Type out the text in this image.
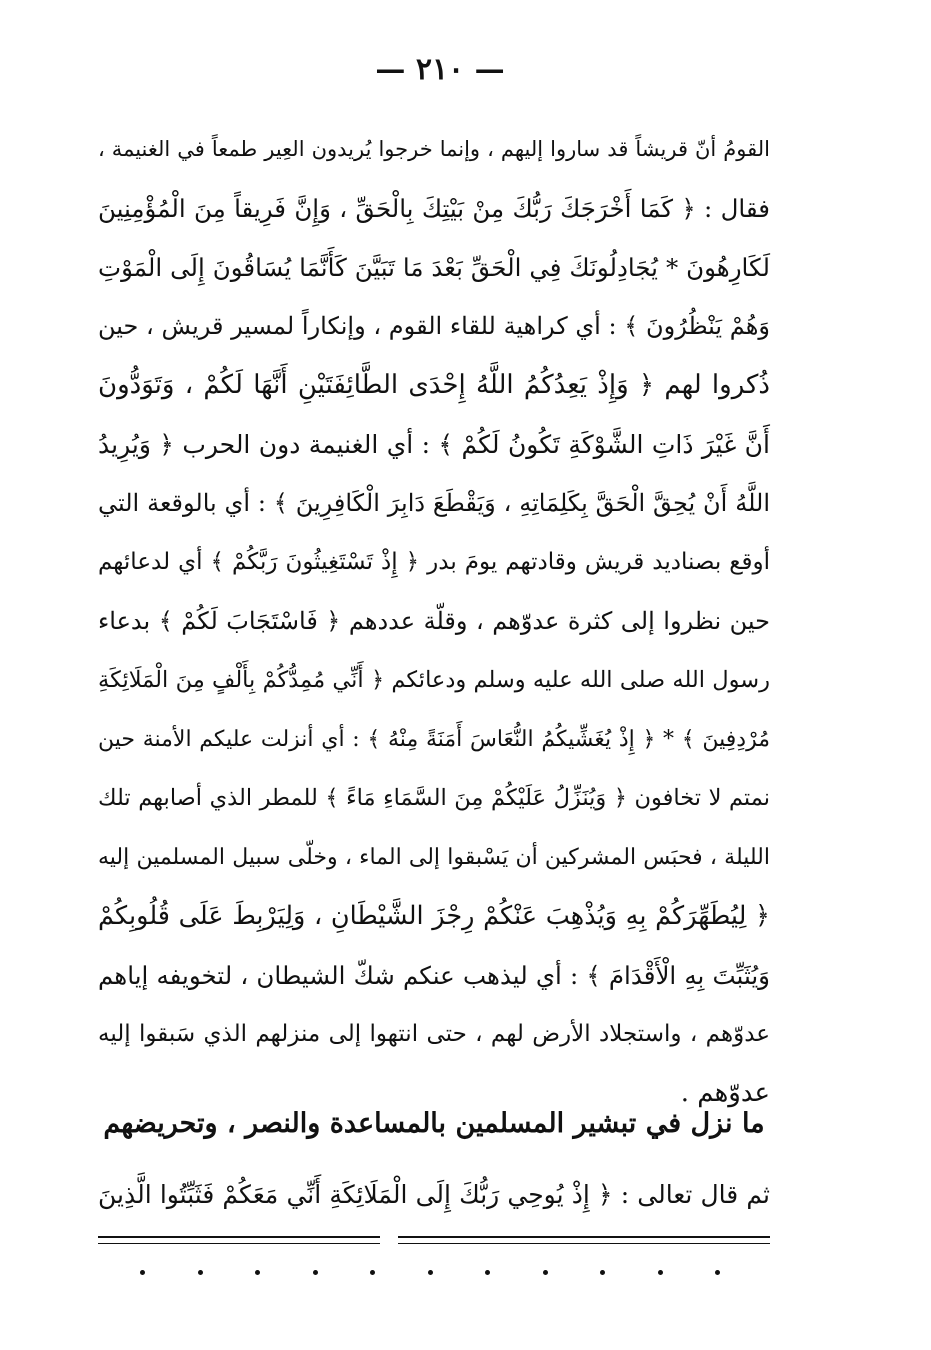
— ٢١٠ —
القومُ أنّ قريشاً قد ساروا إليهم ، وإنما خرجوا يُريدون العِير طمعاً في الغنيمة ،
فقال : ﴿ كَمَا أَخْرَجَكَ رَبُّكَ مِنْ بَيْتِكَ بِالْحَقِّ ، وَإِنَّ فَرِيقاً مِنَ الْمُؤْمِنِينَ
لَكَارِهُونَ * يُجَادِلُونَكَ فِي الْحَقِّ بَعْدَ مَا تَبَيَّنَ كَأَنَّمَا يُسَاقُونَ إِلَى الْمَوْتِ
وَهُمْ يَنْظُرُونَ ﴾ : أي كراهية للقاء القوم ، وإنكاراً لمسير قريش ، حين
ذُكروا لهم ﴿ وَإِذْ يَعِدُكُمُ اللَّهُ إِحْدَى الطَّائِفَتَيْنِ أَنَّهَا لَكُمْ ، وَتَوَدُّونَ
أَنَّ غَيْرَ ذَاتِ الشَّوْكَةِ تَكُونُ لَكُمْ ﴾ : أي الغنيمة دون الحرب ﴿ وَيُرِيدُ
اللَّهُ أَنْ يُحِقَّ الْحَقَّ بِكَلِمَاتِهِ ، وَيَقْطَعَ دَابِرَ الْكَافِرِينَ ﴾ : أي بالوقعة التي
أوقع بصناديد قريش وقادتهم يومَ بدر ﴿ إِذْ تَسْتَغِيثُونَ رَبَّكُمْ ﴾ أي لدعائهم
حين نظروا إلى كثرة عدوّهم ، وقلّة عددهم ﴿ فَاسْتَجَابَ لَكُمْ ﴾ بدعاء
رسول الله صلى الله عليه وسلم ودعائكم ﴿ أَنِّي مُمِدُّكُمْ بِأَلْفٍ مِنَ الْمَلَائِكَةِ
مُرْدِفِينَ ﴾ * ﴿ إِذْ يُغَشِّيكُمُ النُّعَاسَ أَمَنَةً مِنْهُ ﴾ : أي أنزلت عليكم الأمنة حين
نمتم لا تخافون ﴿ وَيُنَزِّلُ عَلَيْكُمْ مِنَ السَّمَاءِ مَاءً ﴾ للمطر الذي أصابهم تلك
الليلة ، فحبَس المشركين أن يَسْبقوا إلى الماء ، وخلّى سبيل المسلمين إليه
﴿ لِيُطَهِّرَكُمْ بِهِ وَيُذْهِبَ عَنْكُمْ رِجْزَ الشَّيْطَانِ ، وَلِيَرْبِطَ عَلَى قُلُوبِكُمْ
وَيُثَبِّتَ بِهِ الْأَقْدَامَ ﴾ : أي ليذهب عنكم شكّ الشيطان ، لتخويفه إياهم
عدوّهم ، واستجلاد الأرض لهم ، حتى انتهوا إلى منزلهم الذي سَبقوا إليه
عدوّهم .
ما نزل في تبشير المسلمين بالمساعدة والنصر ، وتحريضهم
ثم قال تعالى : ﴿ إِذْ يُوحِي رَبُّكَ إِلَى الْمَلَائِكَةِ أَنِّي مَعَكُمْ فَثَبِّتُوا الَّذِينَ
